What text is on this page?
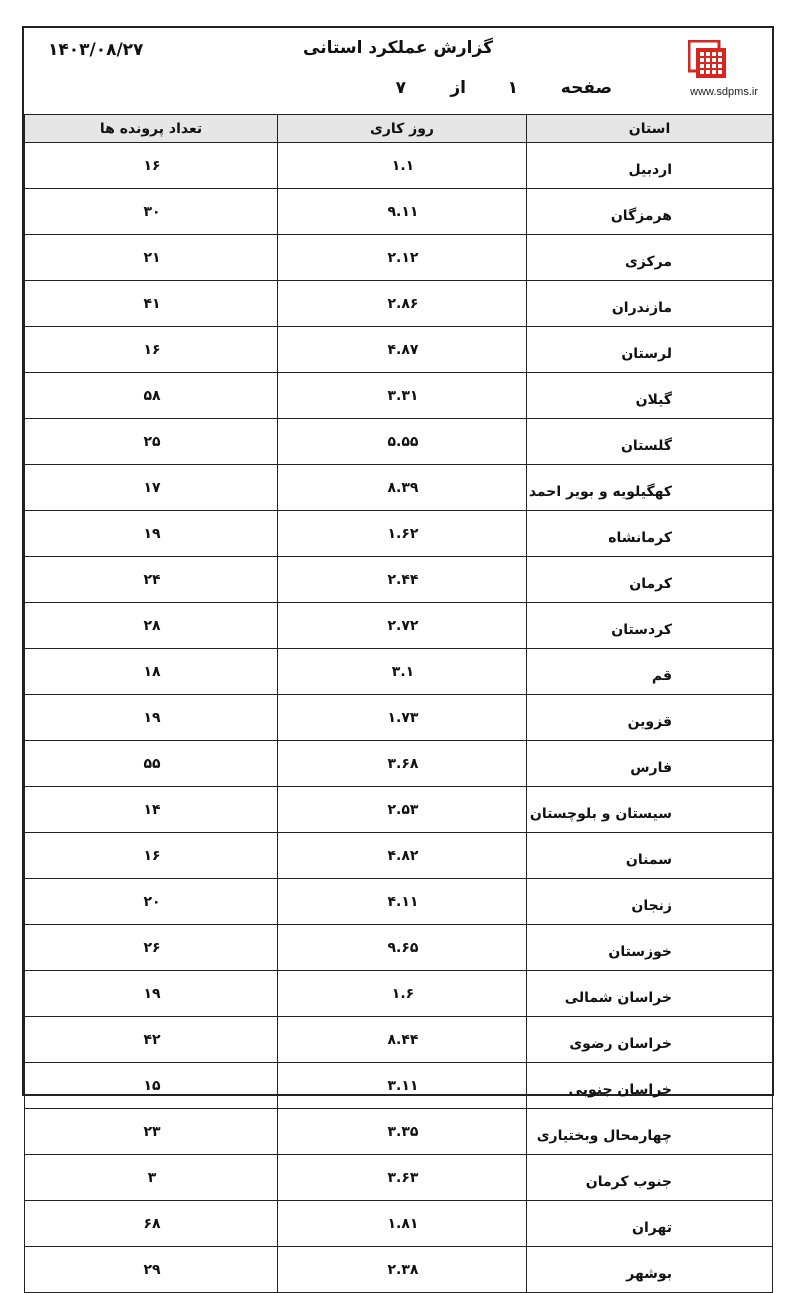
۱۴۰۳/۰۸/۲۷	گزارش عملکرد استانی
صفحه
۱
از
۷	www.sdpms.ir
استان	روز کاری	تعداد پرونده ها
اردبیل	۱.۱	۱۶
هرمزگان	۹.۱۱	۳۰
مرکزی	۲.۱۲	۲۱
مازندران	۲.۸۶	۴۱
لرستان	۴.۸۷	۱۶
گیلان	۳.۳۱	۵۸
گلستان	۵.۵۵	۲۵
کهگیلویه و بویر احمد	۸.۳۹	۱۷
کرمانشاه	۱.۶۲	۱۹
کرمان	۲.۴۴	۲۴
کردستان	۲.۷۲	۲۸
قم	۳.۱	۱۸
قزوین	۱.۷۳	۱۹
فارس	۳.۶۸	۵۵
سیستان و بلوچستان	۲.۵۳	۱۴
سمنان	۴.۸۲	۱۶
زنجان	۴.۱۱	۲۰
خوزستان	۹.۶۵	۲۶
خراسان شمالی	۱.۶	۱۹
خراسان رضوی	۸.۴۴	۴۲
خراسان جنوبی	۳.۱۱	۱۵
چهارمحال وبختیاری	۳.۳۵	۲۳
جنوب کرمان	۳.۶۳	۳
تهران	۱.۸۱	۶۸
بوشهر	۲.۳۸	۲۹
